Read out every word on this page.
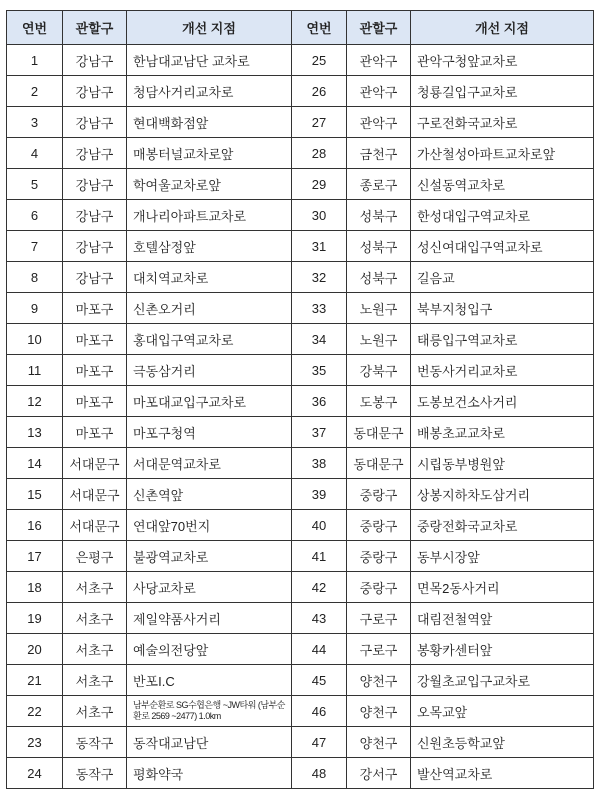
연번	관할구	개선 지점	연번	관할구	개선 지점
1	강남구	한남대교남단 교차로	25	관악구	관악구청앞교차로
2	강남구	청담사거리교차로	26	관악구	청룡길입구교차로
3	강남구	현대백화점앞	27	관악구	구로전화국교차로
4	강남구	매봉터널교차로앞	28	금천구	가산철성아파트교차로앞
5	강남구	학여울교차로앞	29	종로구	신설동역교차로
6	강남구	개나리아파트교차로	30	성북구	한성대입구역교차로
7	강남구	호텔삼정앞	31	성북구	성신여대입구역교차로
8	강남구	대치역교차로	32	성북구	길음교
9	마포구	신촌오거리	33	노원구	북부지청입구
10	마포구	홍대입구역교차로	34	노원구	태릉입구역교차로
11	마포구	극동삼거리	35	강북구	번동사거리교차로
12	마포구	마포대교입구교차로	36	도봉구	도봉보건소사거리
13	마포구	마포구청역	37	동대문구	배봉초교교차로
14	서대문구	서대문역교차로	38	동대문구	시립동부병원앞
15	서대문구	신촌역앞	39	중랑구	상봉지하차도삼거리
16	서대문구	연대앞70번지	40	중랑구	중랑전화국교차로
17	은평구	불광역교차로	41	중랑구	동부시장앞
18	서초구	사당교차로	42	중랑구	면목2동사거리
19	서초구	제일약품사거리	43	구로구	대림전철역앞
20	서초구	예술의전당앞	44	구로구	봉황카센터앞
21	서초구	반포I.C	45	양천구	강월초교입구교차로
22	서초구	남부순환로 SG수협은행 ~JW타워 (남부순환로 2569 ~2477) 1.0km	46	양천구	오목교앞
23	동작구	동작대교남단	47	양천구	신원초등학교앞
24	동작구	평화약국	48	강서구	발산역교차로
